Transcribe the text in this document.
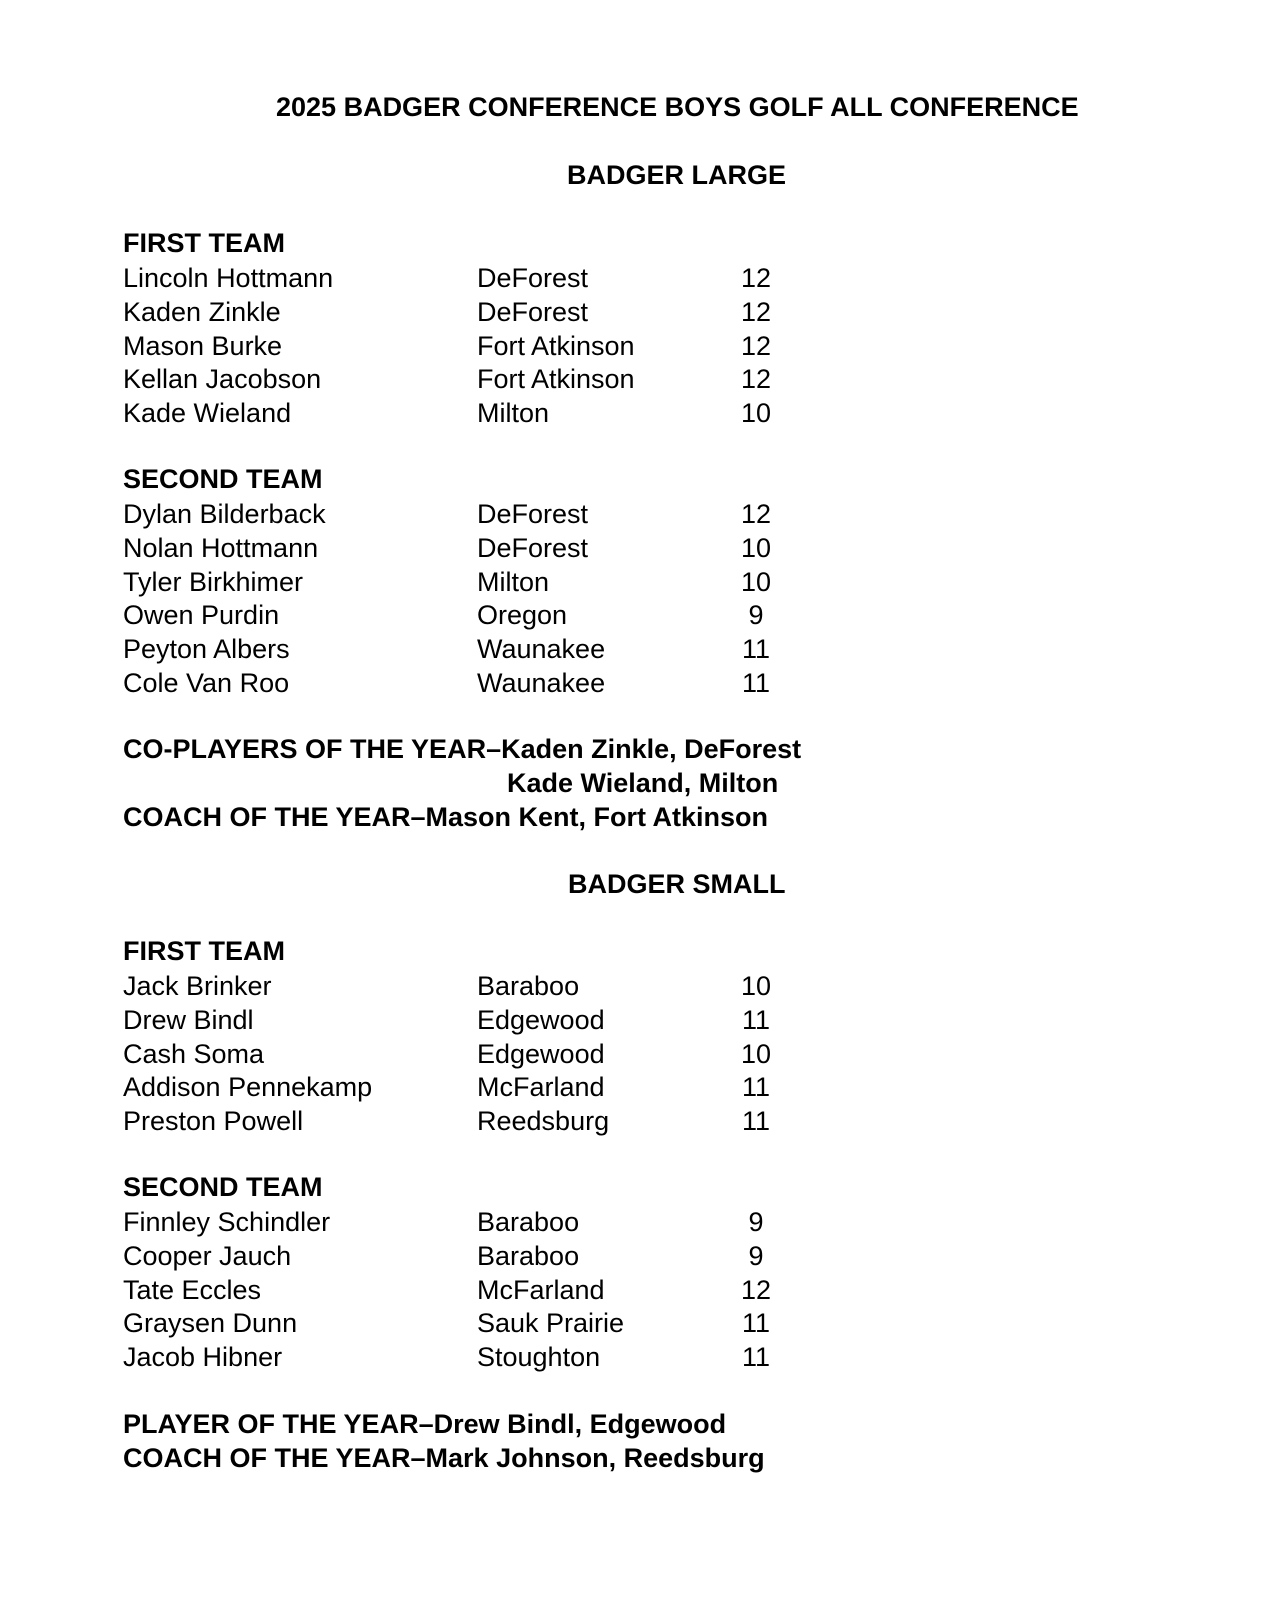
2025 BADGER CONFERENCE BOYS GOLF ALL CONFERENCE
BADGER LARGE
FIRST TEAM
Lincoln Hottmann	DeForest	12
Kaden Zinkle	DeForest	12
Mason Burke	Fort Atkinson	12
Kellan Jacobson	Fort Atkinson	12
Kade Wieland	Milton	10
SECOND TEAM
Dylan Bilderback	DeForest	12
Nolan Hottmann	DeForest	10
Tyler Birkhimer	Milton	10
Owen Purdin	Oregon	9
Peyton Albers	Waunakee	11
Cole Van Roo	Waunakee	11
CO-PLAYERS OF THE YEAR–Kaden Zinkle, DeForest
Kade Wieland, Milton
COACH OF THE YEAR–Mason Kent, Fort Atkinson
BADGER SMALL
FIRST TEAM
Jack Brinker	Baraboo	10
Drew Bindl	Edgewood	11
Cash Soma	Edgewood	10
Addison Pennekamp	McFarland	11
Preston Powell	Reedsburg	11
SECOND TEAM
Finnley Schindler	Baraboo	9
Cooper Jauch	Baraboo	9
Tate Eccles	McFarland	12
Graysen Dunn	Sauk Prairie	11
Jacob Hibner	Stoughton	11
PLAYER OF THE YEAR–Drew Bindl, Edgewood
COACH OF THE YEAR–Mark Johnson, Reedsburg
